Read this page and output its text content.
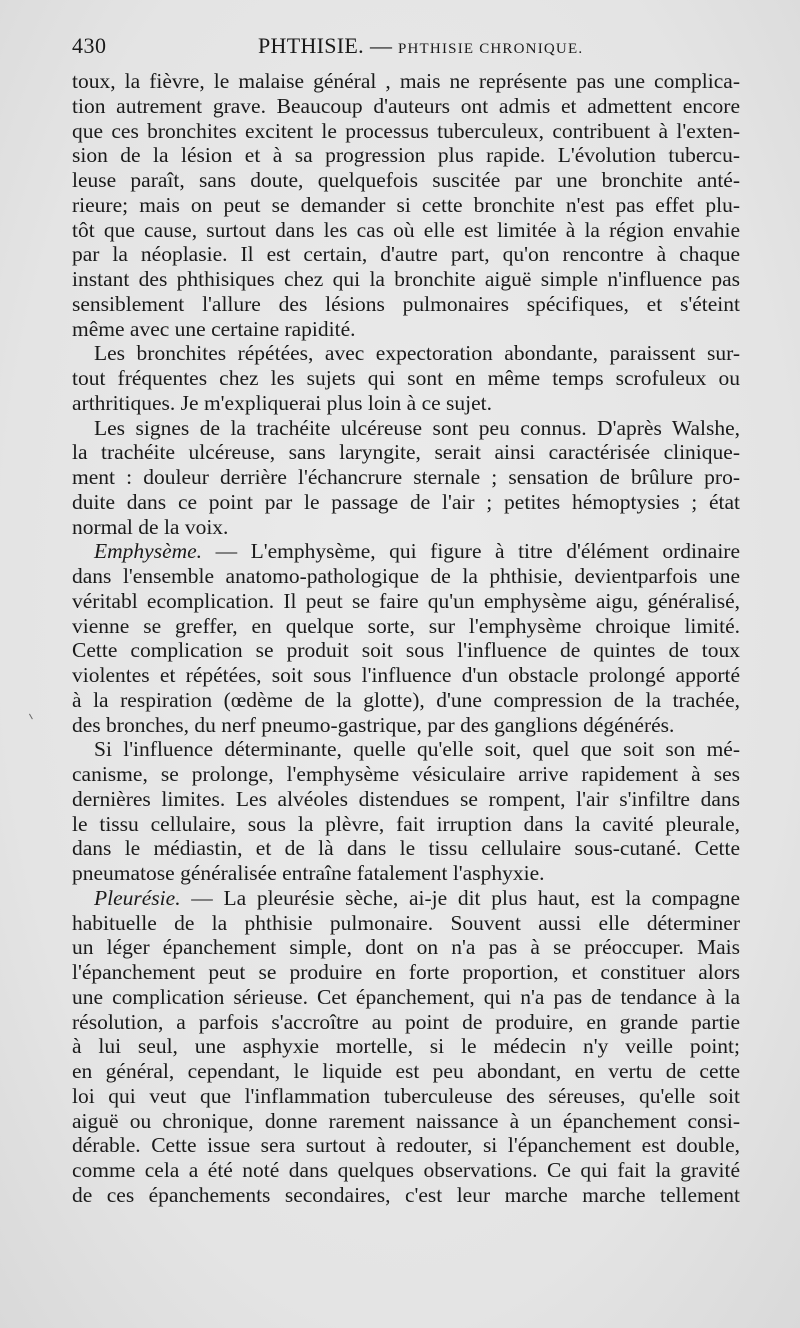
430	PHTHISIE. — PHTHISIE CHRONIQUE.
toux, la fièvre, le malaise général , mais ne représente pas une complica-
tion autrement grave. Beaucoup d'auteurs ont admis et admettent encore
que ces bronchites excitent le processus tuberculeux, contribuent à l'exten-
sion de la lésion et à sa progression plus rapide. L'évolution tubercu-
leuse paraît, sans doute, quelquefois suscitée par une bronchite anté-
rieure; mais on peut se demander si cette bronchite n'est pas effet plu-
tôt que cause, surtout dans les cas où elle est limitée à la région envahie
par la néoplasie. Il est certain, d'autre part, qu'on rencontre à chaque
instant des phthisiques chez qui la bronchite aiguë simple n'influence pas
sensiblement l'allure des lésions pulmonaires spécifiques, et s'éteint
même avec une certaine rapidité.
Les bronchites répétées, avec expectoration abondante, paraissent sur-
tout fréquentes chez les sujets qui sont en même temps scrofuleux ou
arthritiques. Je m'expliquerai plus loin à ce sujet.
Les signes de la trachéite ulcéreuse sont peu connus. D'après Walshe,
la trachéite ulcéreuse, sans laryngite, serait ainsi caractérisée clinique-
ment : douleur derrière l'échancrure sternale ; sensation de brûlure pro-
duite dans ce point par le passage de l'air ; petites hémoptysies ; état
normal de la voix.
Emphysème. — L'emphysème, qui figure à titre d'élément ordinaire
dans l'ensemble anatomo-pathologique de la phthisie, devientparfois une
véritabl ecomplication. Il peut se faire qu'un emphysème aigu, généralisé,
vienne se greffer, en quelque sorte, sur l'emphysème chroique limité.
Cette complication se produit soit sous l'influence de quintes de toux
violentes et répétées, soit sous l'influence d'un obstacle prolongé apporté
à la respiration (œdème de la glotte), d'une compression de la trachée,
des bronches, du nerf pneumo-gastrique, par des ganglions dégénérés.
Si l'influence déterminante, quelle qu'elle soit, quel que soit son mé-
canisme, se prolonge, l'emphysème vésiculaire arrive rapidement à ses
dernières limites. Les alvéoles distendues se rompent, l'air s'infiltre dans
le tissu cellulaire, sous la plèvre, fait irruption dans la cavité pleurale,
dans le médiastin, et de là dans le tissu cellulaire sous-cutané. Cette
pneumatose généralisée entraîne fatalement l'asphyxie.
Pleurésie. — La pleurésie sèche, ai-je dit plus haut, est la compagne
habituelle de la phthisie pulmonaire. Souvent aussi elle déterminer
un léger épanchement simple, dont on n'a pas à se préoccuper. Mais
l'épanchement peut se produire en forte proportion, et constituer alors
une complication sérieuse. Cet épanchement, qui n'a pas de tendance à la
résolution, a parfois s'accroître au point de produire, en grande partie
à lui seul, une asphyxie mortelle, si le médecin n'y veille point;
en général, cependant, le liquide est peu abondant, en vertu de cette
loi qui veut que l'inflammation tuberculeuse des séreuses, qu'elle soit
aiguë ou chronique, donne rarement naissance à un épanchement consi-
dérable. Cette issue sera surtout à redouter, si l'épanchement est double,
comme cela a été noté dans quelques observations. Ce qui fait la gravité
de ces épanchements secondaires, c'est leur marche marche tellement
